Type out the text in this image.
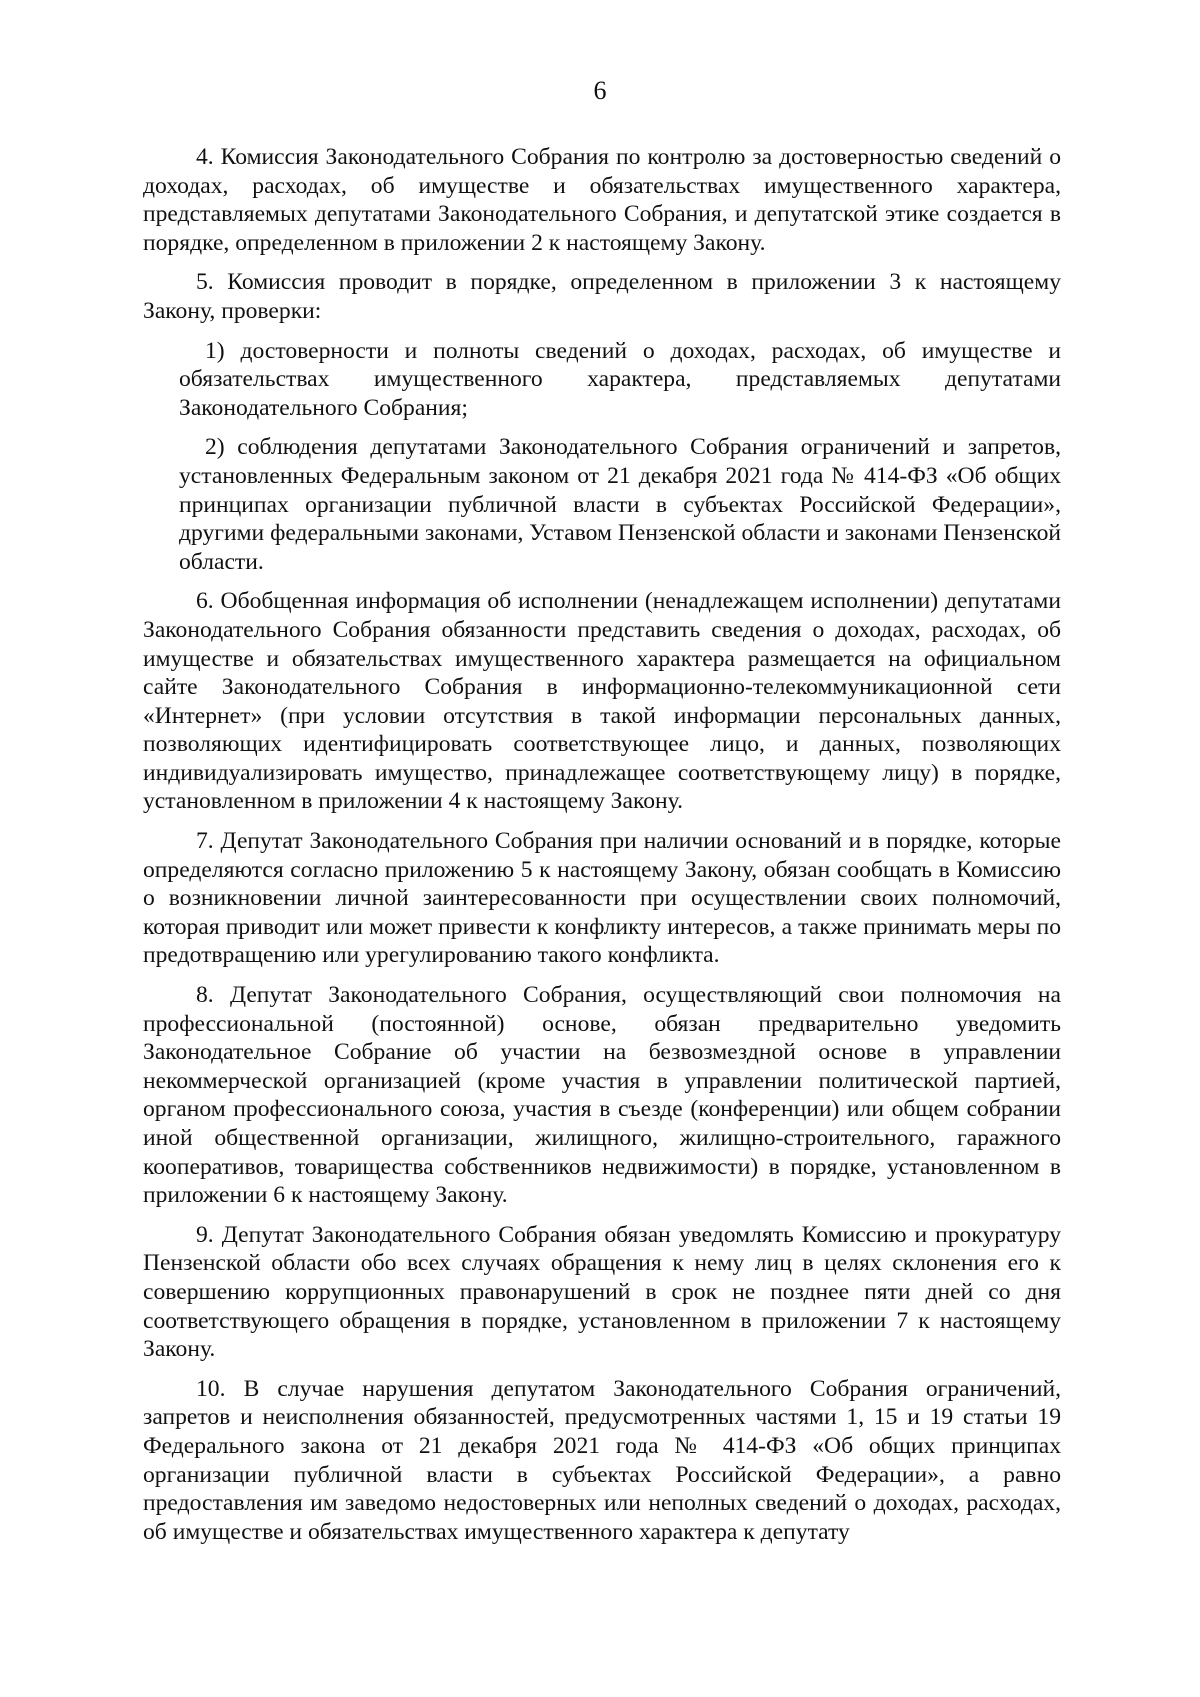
6

4. Комиссия Законодательного Собрания по контролю за достоверностью сведений о доходах, расходах, об имуществе и обязательствах имущественного характера, представляемых депутатами Законодательного Собрания, и депутатской этике создается в порядке, определенном в приложении 2 к настоящему Закону.

5. Комиссия проводит в порядке, определенном в приложении 3 к настоящему Закону, проверки:

1) достоверности и полноты сведений о доходах, расходах, об имуществе и обязательствах имущественного характера, представляемых депутатами Законодательного Собрания;

2) соблюдения депутатами Законодательного Собрания ограничений и запретов, установленных Федеральным законом от 21 декабря 2021 года № 414-ФЗ «Об общих принципах организации публичной власти в субъектах Российской Федерации», другими федеральными законами, Уставом Пензенской области и законами Пензенской области.

6. Обобщенная информация об исполнении (ненадлежащем исполнении) депутатами Законодательного Собрания обязанности представить сведения о доходах, расходах, об имуществе и обязательствах имущественного характера размещается на официальном сайте Законодательного Собрания в информационно-телекоммуникационной сети «Интернет» (при условии отсутствия в такой информации персональных данных, позволяющих идентифицировать соответствующее лицо, и данных, позволяющих индивидуализировать имущество, принадлежащее соответствующему лицу) в порядке, установленном в приложении 4 к настоящему Закону.

7. Депутат Законодательного Собрания при наличии оснований и в порядке, которые определяются согласно приложению 5 к настоящему Закону, обязан сообщать в Комиссию о возникновении личной заинтересованности при осуществлении своих полномочий, которая приводит или может привести к конфликту интересов, а также принимать меры по предотвращению или урегулированию такого конфликта.

8. Депутат Законодательного Собрания, осуществляющий свои полномочия на профессиональной (постоянной) основе, обязан предварительно уведомить Законодательное Собрание об участии на безвозмездной основе в управлении некоммерческой организацией (кроме участия в управлении политической партией, органом профессионального союза, участия в съезде (конференции) или общем собрании иной общественной организации, жилищного, жилищно-строительного, гаражного кооперативов, товарищества собственников недвижимости) в порядке, установленном в приложении 6 к настоящему Закону.

9. Депутат Законодательного Собрания обязан уведомлять Комиссию и прокуратуру Пензенской области обо всех случаях обращения к нему лиц в целях склонения его к совершению коррупционных правонарушений в срок не позднее пяти дней со дня соответствующего обращения в порядке, установленном в приложении 7 к настоящему Закону.

10. В случае нарушения депутатом Законодательного Собрания ограничений, запретов и неисполнения обязанностей, предусмотренных частями 1, 15 и 19 статьи 19 Федерального закона от 21 декабря 2021 года № 414-ФЗ «Об общих принципах организации публичной власти в субъектах Российской Федерации», а равно предоставления им заведомо недостоверных или неполных сведений о доходах, расходах, об имуществе и обязательствах имущественного характера к депутату
